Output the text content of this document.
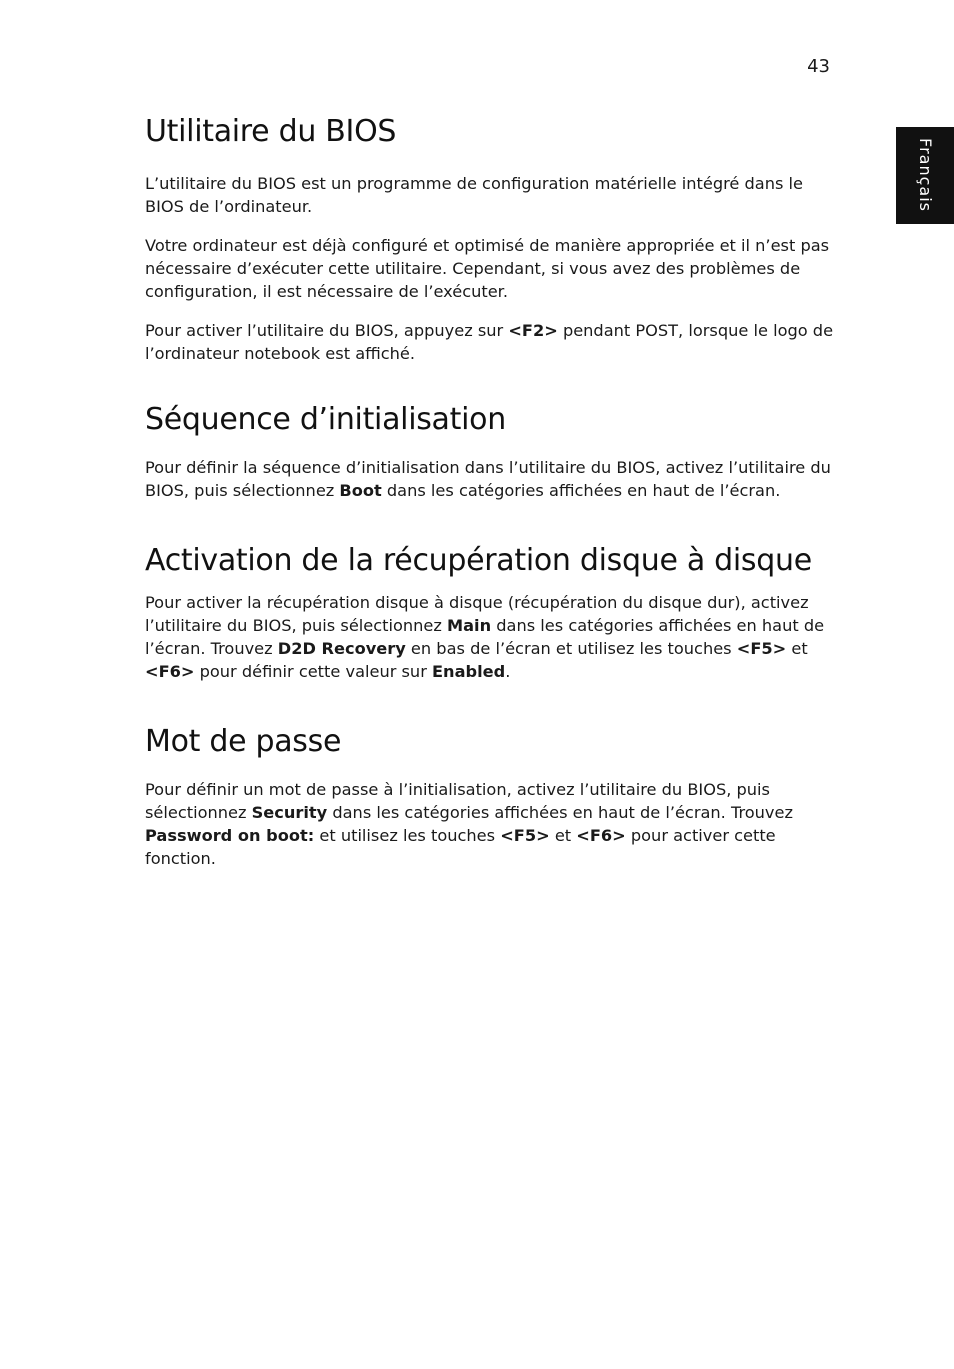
43
Français
Utilitaire du BIOS

L’utilitaire du BIOS est un programme de configuration matérielle intégré dans le BIOS de l’ordinateur.

Votre ordinateur est déjà configuré et optimisé de manière appropriée et il n’est pas nécessaire d’exécuter cette utilitaire. Cependant, si vous avez des problèmes de configuration, il est nécessaire de l’exécuter.

Pour activer l’utilitaire du BIOS, appuyez sur <F2> pendant POST, lorsque le logo de l’ordinateur notebook est affiché.

Séquence d’initialisation

Pour définir la séquence d’initialisation dans l’utilitaire du BIOS, activez l’utilitaire du BIOS, puis sélectionnez Boot dans les catégories affichées en haut de l’écran.

Activation de la récupération disque à disque

Pour activer la récupération disque à disque (récupération du disque dur), activez l’utilitaire du BIOS, puis sélectionnez Main dans les catégories affichées en haut de l’écran. Trouvez D2D Recovery en bas de l’écran et utilisez les touches <F5> et <F6> pour définir cette valeur sur Enabled.

Mot de passe

Pour définir un mot de passe à l’initialisation, activez l’utilitaire du BIOS, puis sélectionnez Security dans les catégories affichées en haut de l’écran. Trouvez Password on boot: et utilisez les touches <F5> et <F6> pour activer cette fonction.
